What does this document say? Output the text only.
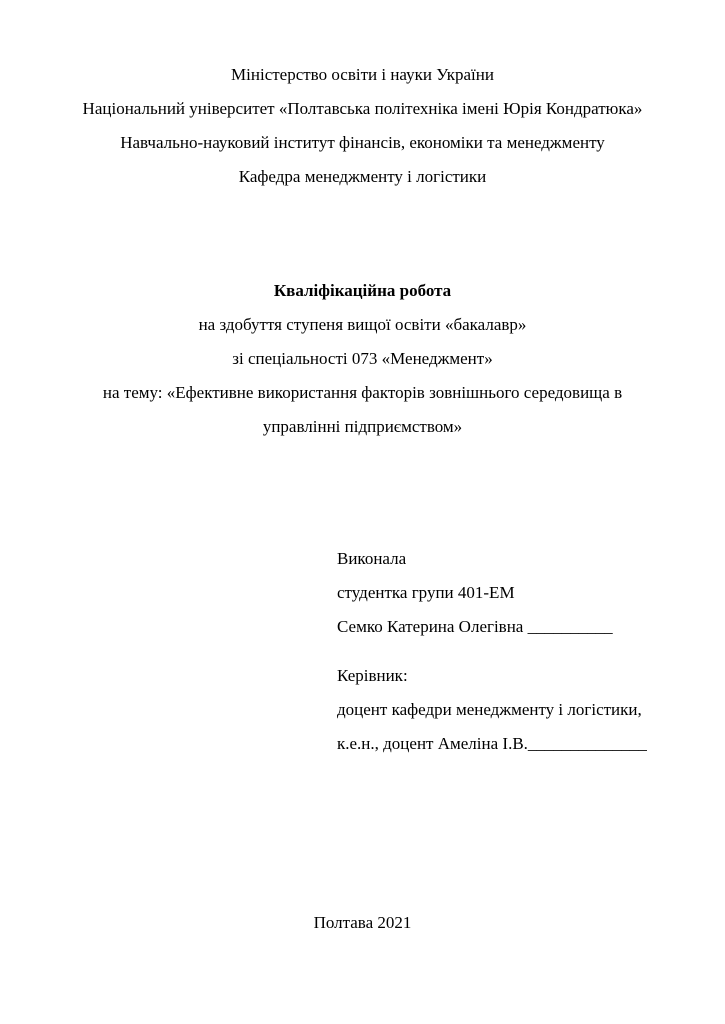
Міністерство освіти і науки України

Національний університет «Полтавська політехніка імені Юрія Кондратюка»

Навчально-науковий інститут фінансів, економіки та менеджменту

Кафедра менеджменту і логістики

Кваліфікаційна робота

на здобуття ступеня вищої освіти «бакалавр»

зі спеціальності 073 «Менеджмент»

на тему: «Ефективне використання факторів зовнішнього середовища в

управлінні підприємством»

Виконала

студентка групи 401-ЕМ

Семко Катерина Олегівна __________

Керівник:

доцент кафедри менеджменту і логістики,

к.е.н., доцент Амеліна І.В.______________

Полтава 2021
